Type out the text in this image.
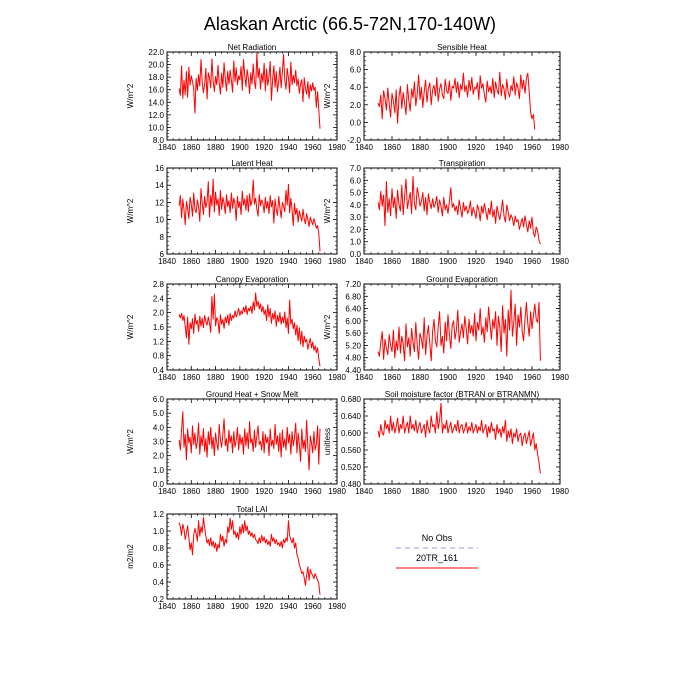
Alaskan Arctic (66.5-72N,170-140W)
Net Radiation
W/m^2
8.0
10.0
12.0
14.0
16.0
18.0
20.0
22.0
1840 1860 1880 1900 1920 1940 1960 1980
Sensible Heat
W/m^2
-2.0
0.0
2.0
4.0
6.0
8.0
1840 1860 1880 1900 1920 1940 1960 1980
Latent Heat
W/m^2
6
8
10
12
14
16
1840 1860 1880 1900 1920 1940 1960 1980
Transpiration
W/m^2
0.0
1.0
2.0
3.0
4.0
5.0
6.0
7.0
1840 1860 1880 1900 1920 1940 1960 1980
Canopy Evaporation
W/m^2
0.4
0.8
1.2
1.6
2.0
2.4
2.8
1840 1860 1880 1900 1920 1940 1960 1980
Ground Evaporation
W/m^2
4.40
4.80
5.20
5.60
6.00
6.40
6.80
7.20
1840 1860 1880 1900 1920 1940 1960 1980
Ground Heat + Snow Melt
W/m^2
0.0
1.0
2.0
3.0
4.0
5.0
6.0
1840 1860 1880 1900 1920 1940 1960 1980
Soil moisture factor (BTRAN or BTRANMN)
unitless
0.480
0.520
0.560
0.600
0.640
0.680
1840 1860 1880 1900 1920 1940 1960 1980
Total LAI
m2/m2
0.2
0.4
0.6
0.8
1.0
1.2
1840 1860 1880 1900 1920 1940 1960 1980
No Obs
20TR_161
